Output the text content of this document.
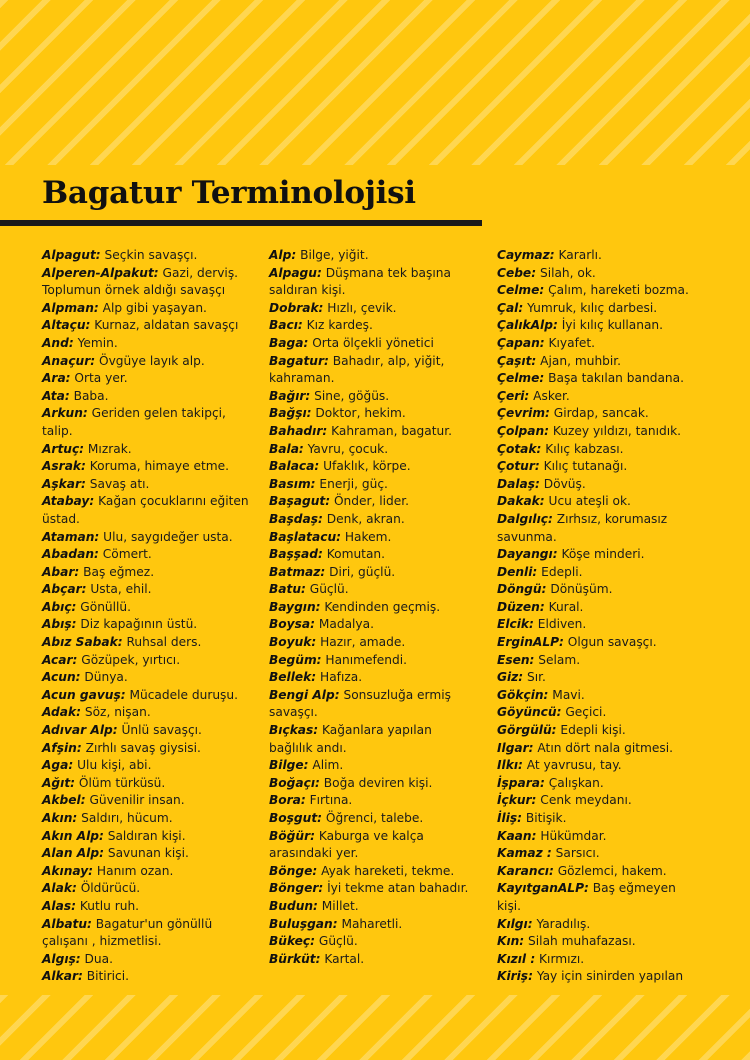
Bagatur Terminolojisi
Alpagut: Seçkin savaşçı.
Alperen-Alpakut: Gazi, derviş. Toplumun örnek aldığı savaşçı
Alpman: Alp gibi yaşayan.
Altaçu: Kurnaz, aldatan savaşçı
And: Yemin.
Anaçur: Övgüye layık alp.
Ara: Orta yer.
Ata: Baba.
Arkun: Geriden gelen takipçi, talip.
Artuç: Mızrak.
Asrak: Koruma, himaye etme.
Aşkar: Savaş atı.
Atabay: Kağan çocuklarını eğiten üstad.
Ataman: Ulu, saygıdeğer usta.
Abadan: Cömert.
Abar: Baş eğmez.
Abçar: Usta, ehil.
Abıç: Gönüllü.
Abış: Diz kapağının üstü.
Abız Sabak: Ruhsal ders.
Acar: Gözüpek, yırtıcı.
Acun: Dünya.
Acun gavuş: Mücadele duruşu.
Adak: Söz, nişan.
Adıvar Alp: Ünlü savaşçı.
Afşin: Zırhlı savaş giysisi.
Aga: Ulu kişi, abi.
Ağıt: Ölüm türküsü.
Akbel: Güvenilir insan.
Akın: Saldırı, hücum.
Akın Alp: Saldıran kişi.
Alan Alp: Savunan kişi.
Akınay: Hanım ozan.
Alak: Öldürücü.
Alas: Kutlu ruh.
Albatu: Bagatur'un gönüllü çalışanı , hizmetlisi.
Algış: Dua.
Alkar: Bitirici.
Alp: Bilge, yiğit.
Alpagu: Düşmana tek başına saldıran kişi.
Dobrak: Hızlı, çevik.
Bacı: Kız kardeş.
Baga: Orta ölçekli yönetici
Bagatur: Bahadır, alp, yiğit, kahraman.
Bağır: Sine, göğüs.
Bağşı: Doktor, hekim.
Bahadır: Kahraman, bagatur.
Bala: Yavru, çocuk.
Balaca: Ufaklık, körpe.
Basım: Enerji, güç.
Başagut: Önder, lider.
Başdaş: Denk, akran.
Başlatacu: Hakem.
Başşad: Komutan.
Batmaz: Diri, güçlü.
Batu: Güçlü.
Baygın: Kendinden geçmiş.
Boysa: Madalya.
Boyuk: Hazır, amade.
Begüm: Hanımefendi.
Bellek: Hafıza.
Bengi Alp: Sonsuzluğa ermiş savaşçı.
Bıçkas: Kağanlara yapılan bağlılık andı.
Bilge: Alim.
Boğaçı: Boğa deviren kişi.
Bora: Fırtına.
Boşgut: Öğrenci, talebe.
Böğür: Kaburga ve kalça arasındaki yer.
Bönge: Ayak hareketi, tekme.
Bönger: İyi tekme atan bahadır.
Budun: Millet.
Buluşgan: Maharetli.
Bükeç: Güçlü.
Bürküt: Kartal.
Caymaz: Kararlı.
Cebe: Silah, ok.
Celme: Çalım, hareketi bozma.
Çal: Yumruk, kılıç darbesi.
ÇalıkAlp: İyi kılıç kullanan.
Çapan: Kıyafet.
Çaşıt: Ajan, muhbir.
Çelme: Başa takılan bandana.
Çeri: Asker.
Çevrim: Girdap, sancak.
Çolpan: Kuzey yıldızı, tanıdık.
Çotak: Kılıç kabzası.
Çotur: Kılıç tutanağı.
Dalaş: Dövüş.
Dakak: Ucu ateşli ok.
Dalgılıç: Zırhsız, korumasız savunma.
Dayangı: Köşe minderi.
Denli: Edepli.
Döngü: Dönüşüm.
Düzen: Kural.
Elcik: Eldiven.
ErginALP: Olgun savaşçı.
Esen: Selam.
Giz: Sır.
Gökçin: Mavi.
Göyüncü: Geçici.
Görgülü: Edepli kişi.
Ilgar: Atın dört nala gitmesi.
Ilkı: At yavrusu, tay.
İşpara: Çalışkan.
İçkur: Cenk meydanı.
İliş: Bitişik.
Kaan: Hükümdar.
Kamaz : Sarsıcı.
Karancı: Gözlemci, hakem.
KayıtganALP: Baş eğmeyen kişi.
Kılgı: Yaradılış.
Kın: Silah muhafazası.
Kızıl : Kırmızı.
Kiriş: Yay için sinirden yapılan
